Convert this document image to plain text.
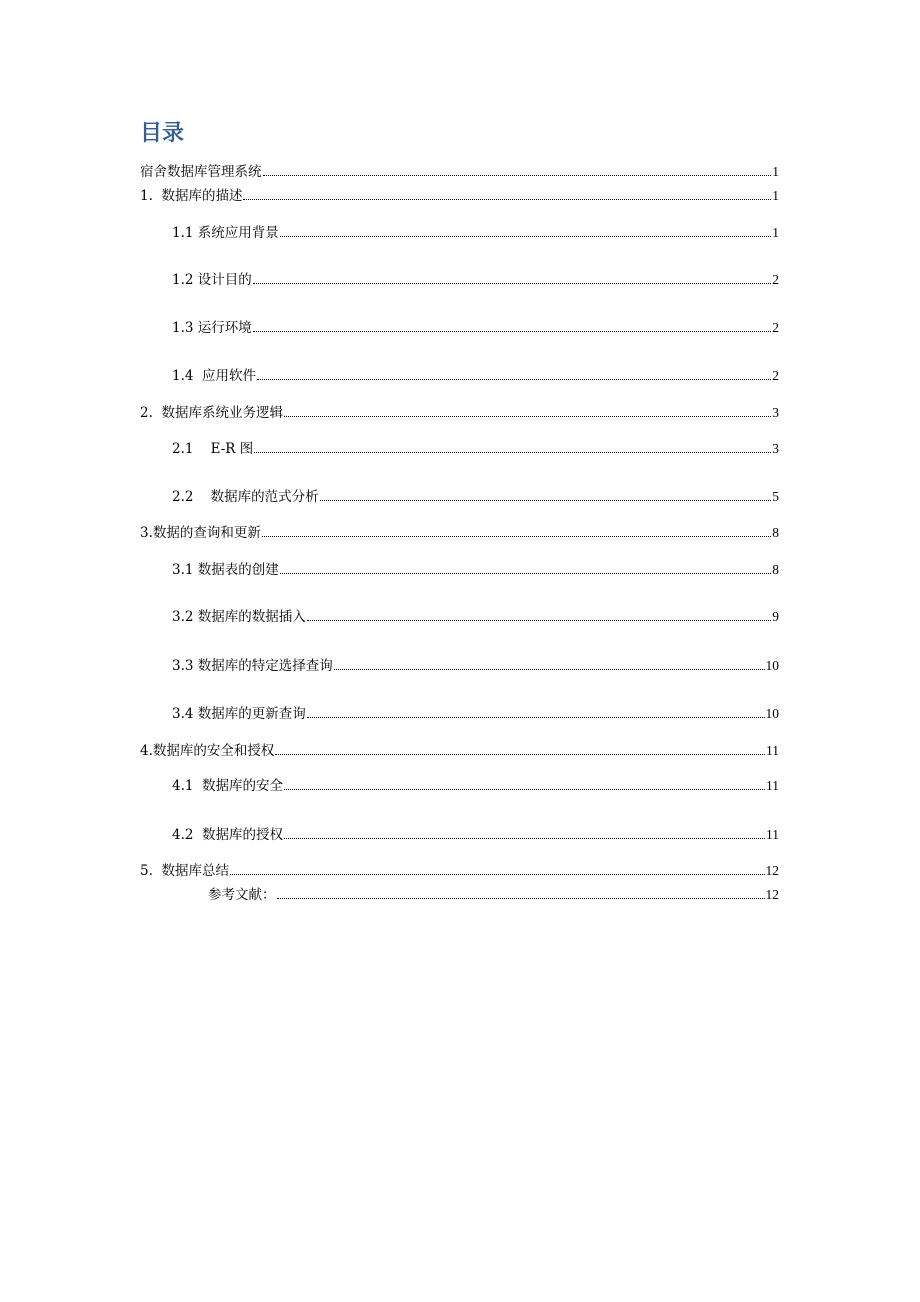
目录
宿舍数据库管理系统	1
1.  数据库的描述	1
1.1 系统应用背景	1
1.2 设计目的	2
1.3 运行环境	2
1.4  应用软件	2
2.  数据库系统业务逻辑	3
2.1    E-R 图	3
2.2    数据库的范式分析	5
3.数据的查询和更新	8
3.1 数据表的创建	8
3.2 数据库的数据插入	9
3.3 数据库的特定选择查询	10
3.4 数据库的更新查询	10
4.数据库的安全和授权	11
4.1  数据库的安全	11
4.2  数据库的授权	11
5.  数据库总结	12
参考文献：	12
